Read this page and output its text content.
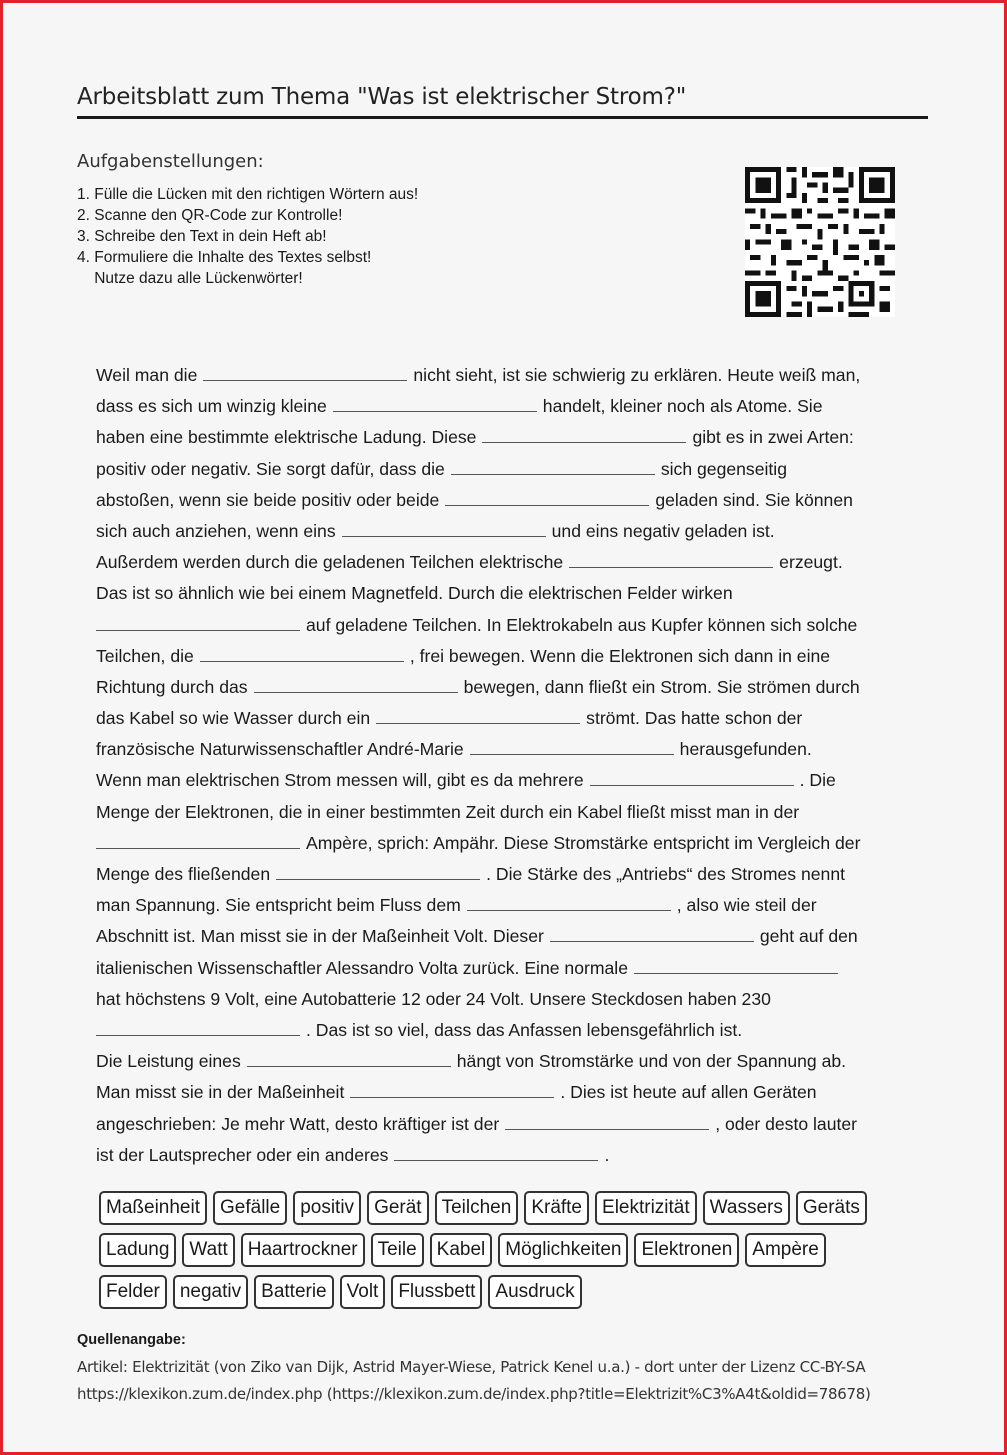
Arbeitsblatt zum Thema "Was ist elektrischer Strom?"
Aufgabenstellungen:
1. Fülle die Lücken mit den richtigen Wörtern aus!
2. Scanne den QR-Code zur Kontrolle!
3. Schreibe den Text in dein Heft ab!
4. Formuliere die Inhalte des Textes selbst!
Nutze dazu alle Lückenwörter!
Weil man die	nicht sieht, ist sie schwierig zu erklären. Heute weiß man,
dass es sich um winzig kleine	handelt, kleiner noch als Atome. Sie
haben eine bestimmte elektrische Ladung. Diese	gibt es in zwei Arten:
positiv oder negativ. Sie sorgt dafür, dass die	sich gegenseitig
abstoßen, wenn sie beide positiv oder beide	geladen sind. Sie können
sich auch anziehen, wenn eins	und eins negativ geladen ist.
Außerdem werden durch die geladenen Teilchen elektrische	erzeugt.
Das ist so ähnlich wie bei einem Magnetfeld. Durch die elektrischen Felder wirken
auf geladene Teilchen. In Elektrokabeln aus Kupfer können sich solche
Teilchen, die	, frei bewegen. Wenn die Elektronen sich dann in eine
Richtung durch das	bewegen, dann fließt ein Strom. Sie strömen durch
das Kabel so wie Wasser durch ein	strömt. Das hatte schon der
französische Naturwissenschaftler André-Marie	herausgefunden.
Wenn man elektrischen Strom messen will, gibt es da mehrere	. Die
Menge der Elektronen, die in einer bestimmten Zeit durch ein Kabel fließt misst man in der
Ampère, sprich: Ampähr. Diese Stromstärke entspricht im Vergleich der
Menge des fließenden	. Die Stärke des „Antriebs“ des Stromes nennt
man Spannung. Sie entspricht beim Fluss dem	, also wie steil der
Abschnitt ist. Man misst sie in der Maßeinheit Volt. Dieser	geht auf den
italienischen Wissenschaftler Alessandro Volta zurück. Eine normale
hat höchstens 9 Volt, eine Autobatterie 12 oder 24 Volt. Unsere Steckdosen haben 230
. Das ist so viel, dass das Anfassen lebensgefährlich ist.
Die Leistung eines	hängt von Stromstärke und von der Spannung ab.
Man misst sie in der Maßeinheit	. Dies ist heute auf allen Geräten
angeschrieben: Je mehr Watt, desto kräftiger ist der	, oder desto lauter
ist der Lautsprecher oder ein anderes	.
Maßeinheit	Gefälle	positiv	Gerät	Teilchen	Kräfte	Elektrizität	Wassers	Geräts
Ladung	Watt	Haartrockner	Teile	Kabel	Möglichkeiten	Elektronen	Ampère
Felder	negativ	Batterie	Volt	Flussbett	Ausdruck
Quellenangabe:
Artikel: Elektrizität (von Ziko van Dijk, Astrid Mayer-Wiese, Patrick Kenel u.a.) - dort unter der Lizenz CC-BY-SA
https://klexikon.zum.de/index.php (https://klexikon.zum.de/index.php?title=Elektrizit%C3%A4t&oldid=78678)
